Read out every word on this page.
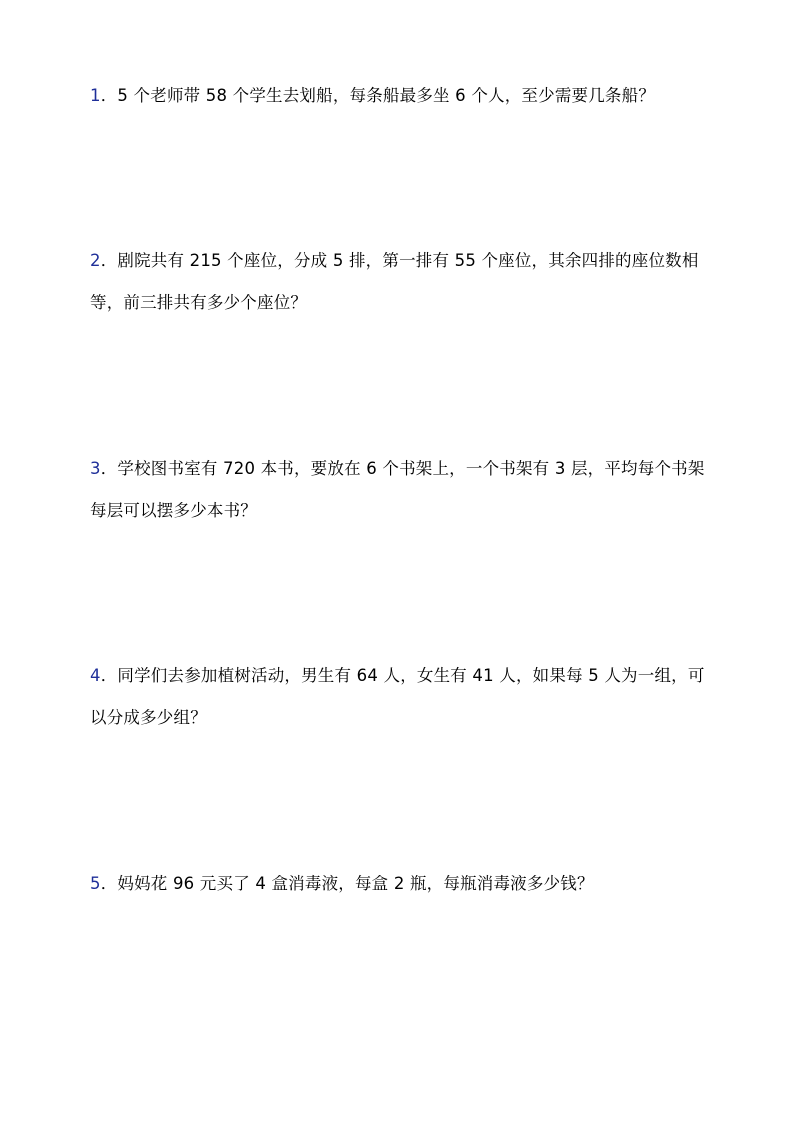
1．5 个老师带 58 个学生去划船，每条船最多坐 6 个人，至少需要几条船？
2．剧院共有 215 个座位，分成 5 排，第一排有 55 个座位，其余四排的座位数相等，前三排共有多少个座位？
3．学校图书室有 720 本书，要放在 6 个书架上，一个书架有 3 层，平均每个书架每层可以摆多少本书？
4．同学们去参加植树活动，男生有 64 人，女生有 41 人，如果每 5 人为一组，可以分成多少组？
5．妈妈花 96 元买了 4 盒消毒液，每盒 2 瓶，每瓶消毒液多少钱？
